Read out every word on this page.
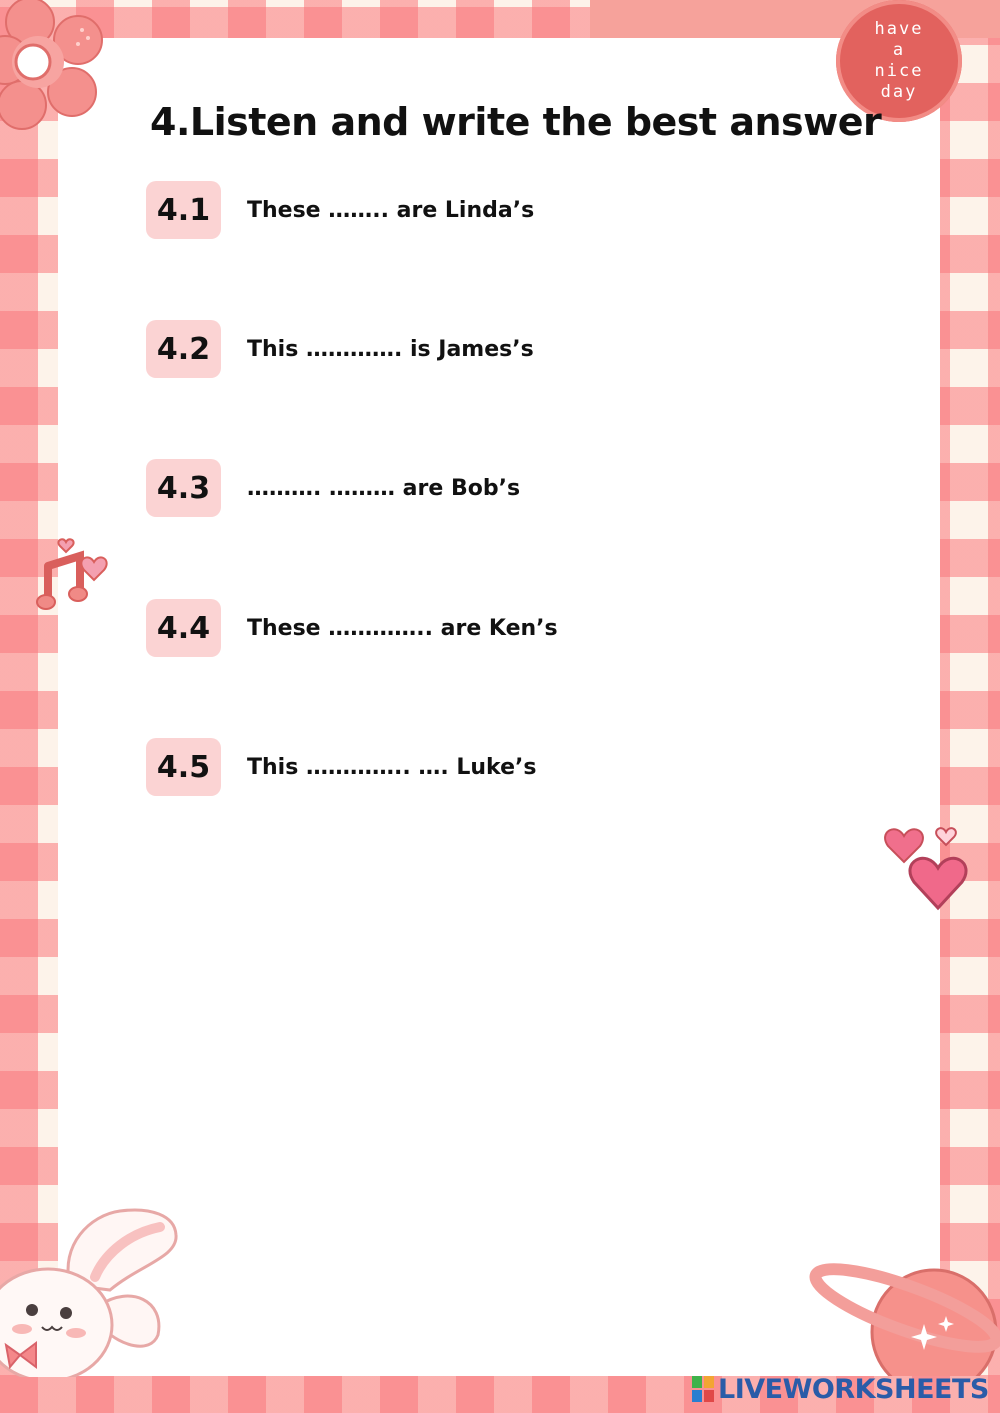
have
a
nice
day
4.Listen and write the best answer
4.1	These …….. are Linda’s
4.2	This …………. is James’s
4.3	………. ……… are Bob’s
4.4	These ………….. are Ken’s
4.5	This ………….. …. Luke’s
LIVEWORKSHEETS
